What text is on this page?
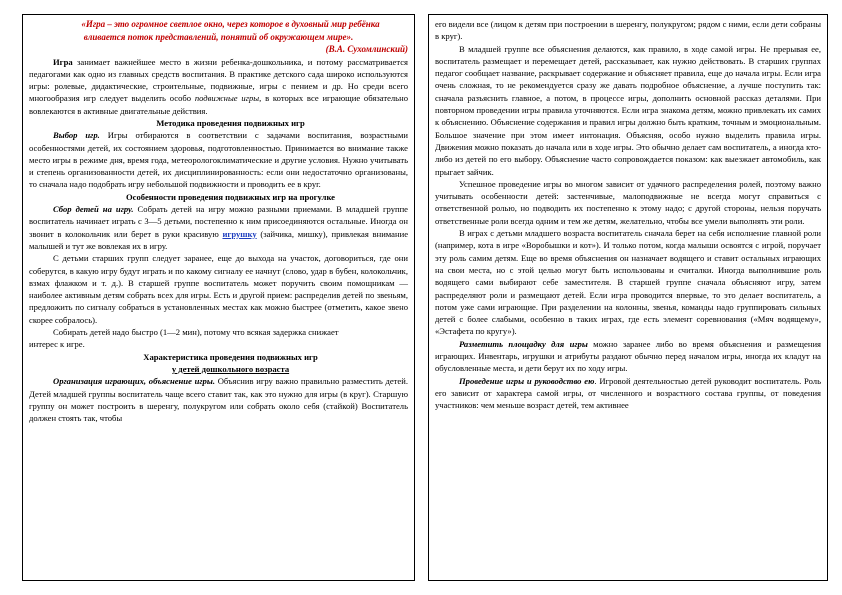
«Игра – это огромное светлое окно, через которое в духовный мир ребёнка
вливается поток представлений, понятий об окружающем мире».

(В.А. Сухомлинский)

Игра занимает важнейшее место в жизни ребенка-дошкольника, и потому рассматривается педагогами как одно из главных средств воспитания. В практике детского сада широко используются игры: ролевые, дидактические, строительные, подвижные, игры с пением и др. Но среди всего многообразия игр следует выделить особо подвижные игры, в которых все играющие обязательно вовлекаются в активные двигательные действия.

Методика проведения подвижных игр

Выбор игр. Игры отбираются в соответствии с задачами воспитания, возрастными особенностями детей, их состоянием здоровья, подготовленностью. Принимается во внимание также место игры в режиме дня, время года, метеорологоклиматические и другие условия. Нужно учитывать и степень организованности детей, их дисциплинированность: если они недостаточно организованы, то сначала надо подобрать игру небольшой подвижности и проводить ее в круг.

Особенности проведения подвижных игр на прогулке

Сбор детей на игру. Собрать детей на игру можно разными приемами. В младшей группе воспитатель начинает играть с 3—5 детьми, постепенно к ним присоединяются остальные. Иногда он звонит в колокольчик или берет в руки красивую игрушку (зайчика, мишку), привлекая внимание малышей и тут же вовлекая их в игру.

С детьми старших групп следует заранее, еще до выхода на участок, договориться, где они соберутся, в какую игру будут играть и по какому сигналу ее начнут (слово, удар в бубен, колокольчик, взмах флажком и т. д.). В старшей группе воспитатель может поручить своим помощникам — наиболее активным детям собрать всех для игры. Есть и другой прием: распределив детей по звеньям, предложить по сигналу собраться в установленных местах как можно быстрее (отметить, какое звено скорее собралось).

Собирать детей надо быстро (1—2 мин), потому что всякая задержка снижает
интерес к игре.

Характеристика проведения подвижных игр

у детей дошкольного возраста

Организация играющих, объяснение игры. Объяснив игру важно правильно разместить детей. Детей младшей группы воспитатель чаще всего ставит так, как это нужно для игры (в круг). Старшую группу он может построить в шеренгу, полукругом или собрать около себя (стайкой) Воспитатель должен стоять так, чтобы

его видели все (лицом к детям при построении в шеренгу, полукругом; рядом с ними, если дети собраны в круг).

В младшей группе все объяснения делаются, как правило, в ходе самой игры. Не прерывая ее, воспитатель размещает и перемещает детей, рассказывает, как нужно действовать. В старших группах педагог сообщает название, раскрывает содержание и объясняет правила, еще до начала игры. Если игра очень сложная, то не рекомендуется сразу же давать подробное объяснение, а лучше поступить так: сначала разъяснить главное, а потом, в процессе игры, дополнить основной рассказ деталями. При повторном проведении игры правила уточняются. Если игра знакома детям, можно привлекать их самих к объяснению. Объяснение содержания и правил игры должно быть кратким, точным и эмоциональным. Большое значение при этом имеет интонация. Объясняя, особо нужно выделить правила игры. Движения можно показать до начала или в ходе игры. Это обычно делает сам воспитатель, а иногда кто-либо из детей по его выбору. Объяснение часто сопровождается показом: как выезжает автомобиль, как прыгает зайчик.

Успешное проведение игры во многом зависит от удачного распределения ролей, поэтому важно учитывать особенности детей: застенчивые, малоподвижные не всегда могут справиться с ответственной ролью, но подводить их постепенно к этому надо; с другой стороны, нельзя поручать ответственные роли всегда одним и тем же детям, желательно, чтобы все умели выполнять эти роли.

В играх с детьми младшего возраста воспитатель сначала берет на себя исполнение главной роли (например, кота в игре «Воробышки и кот»). И только потом, когда малыши освоятся с игрой, поручает эту роль самим детям. Еще во время объяснения он назначает водящего и ставит остальных играющих на свои места, но с этой целью могут быть использованы и считалки. Иногда выполнившие роль водящего сами выбирают себе заместителя. В старшей группе сначала объясняют игру, затем распределяют роли и размещают детей. Если игра проводится впервые, то это делает воспитатель, а потом уже сами играющие. При разделении на колонны, звенья, команды надо группировать сильных детей с более слабыми, особенно в таких играх, где есть элемент соревнования («Мяч водящему», «Эстафета по кругу»).

Разметить площадку для игры можно заранее либо во время объяснения и размещения играющих. Инвентарь, игрушки и атрибуты раздают обычно перед началом игры, иногда их кладут на обусловленные места, и дети берут их по ходу игры.

Проведение игры и руководство ею. Игровой деятельностью детей руководит воспитатель. Роль его зависит от характера самой игры, от численного и возрастного состава группы, от поведения участников: чем меньше возраст детей, тем активнее
